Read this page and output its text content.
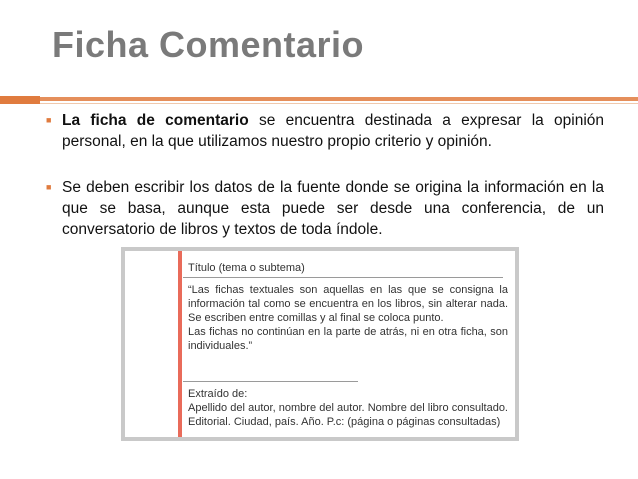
Ficha Comentario
■ La ficha de comentario se encuentra destinada a expresar la opinión personal, en la que utilizamos nuestro propio criterio y opinión.
■ Se deben escribir los datos de la fuente donde se origina la información en la que se basa, aunque esta puede ser desde una conferencia, de un conversatorio de libros y textos de toda índole.
Título (tema o subtema)
“Las fichas textuales son aquellas en las que se consigna la información tal como se encuentra en los libros, sin alterar nada. Se escriben entre comillas y al final se coloca punto.
Las fichas no continúan en la parte de atrás, ni en otra ficha, son individuales.”
Extraído de:
Apellido del autor, nombre del autor. Nombre del libro consultado. Editorial. Ciudad, país. Año. P.c: (página o páginas consultadas)
